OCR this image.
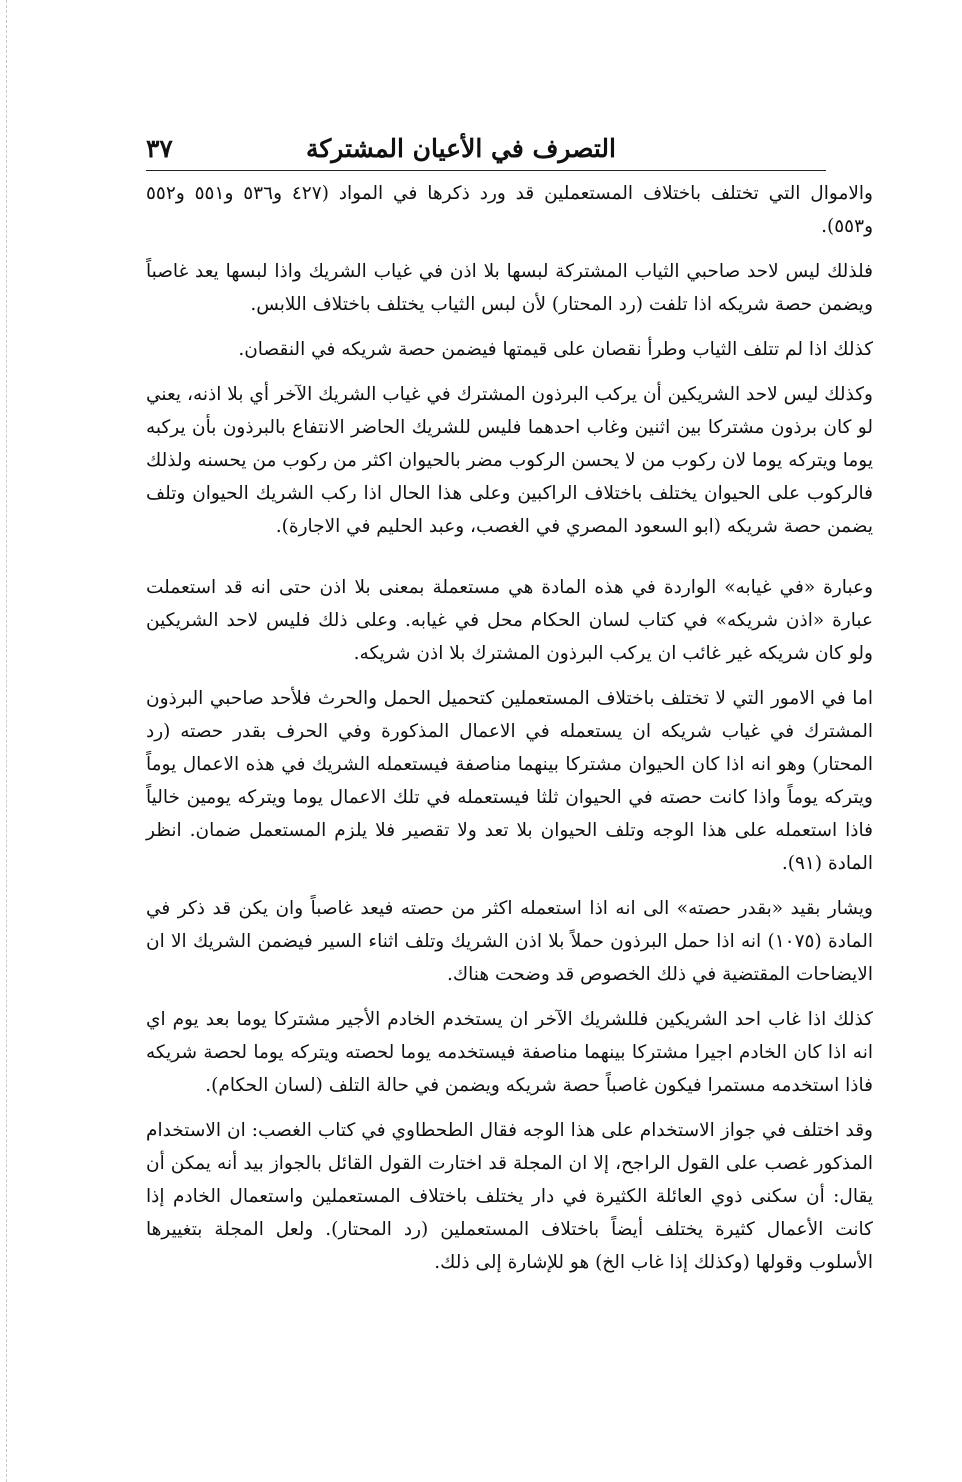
التصرف في الأعيان المشتركة
٣٧

والاموال التي تختلف باختلاف المستعملين قد ورد ذكرها في المواد (٤٢٧ و٥٣٦ و٥٥١ و٥٥٢ و٥٥٣).

فلذلك ليس لاحد صاحبي الثياب المشتركة لبسها بلا اذن في غياب الشريك واذا لبسها يعد غاصباً ويضمن حصة شريكه اذا تلفت (رد المحتار) لأن لبس الثياب يختلف باختلاف اللابس.

كذلك اذا لم تتلف الثياب وطرأ نقصان على قيمتها فيضمن حصة شريكه في النقصان.

وكذلك ليس لاحد الشريكين أن يركب البرذون المشترك في غياب الشريك الآخر أي بلا اذنه، يعني لو كان برذون مشتركا بين اثنين وغاب احدهما فليس للشريك الحاضر الانتفاع بالبرذون بأن يركبه يوما ويتركه يوما لان ركوب من لا يحسن الركوب مضر بالحيوان اكثر من ركوب من يحسنه ولذلك فالركوب على الحيوان يختلف باختلاف الراكبين وعلى هذا الحال اذا ركب الشريك الحيوان وتلف يضمن حصة شريكه (ابو السعود المصري في الغصب، وعبد الحليم في الاجارة).

وعبارة «في غيابه» الواردة في هذه المادة هي مستعملة بمعنى بلا اذن حتى انه قد استعملت عبارة «اذن شريكه» في كتاب لسان الحكام محل في غيابه. وعلى ذلك فليس لاحد الشريكين ولو كان شريكه غير غائب ان يركب البرذون المشترك بلا اذن شريكه.

اما في الامور التي لا تختلف باختلاف المستعملين كتحميل الحمل والحرث فلأحد صاحبي البرذون المشترك في غياب شريكه ان يستعمله في الاعمال المذكورة وفي الحرف بقدر حصته (رد المحتار) وهو انه اذا كان الحيوان مشتركا بينهما مناصفة فيستعمله الشريك في هذه الاعمال يوماً ويتركه يوماً واذا كانت حصته في الحيوان ثلثا فيستعمله في تلك الاعمال يوما ويتركه يومين خالياً فاذا استعمله على هذا الوجه وتلف الحيوان بلا تعد ولا تقصير فلا يلزم المستعمل ضمان. انظر المادة (٩١).

ويشار بقيد «بقدر حصته» الى انه اذا استعمله اكثر من حصته فيعد غاصباً وان يكن قد ذكر في المادة (١٠٧٥) انه اذا حمل البرذون حملاً بلا اذن الشريك وتلف اثناء السير فيضمن الشريك الا ان الايضاحات المقتضية في ذلك الخصوص قد وضحت هناك.

كذلك اذا غاب احد الشريكين فللشريك الآخر ان يستخدم الخادم الأجير مشتركا يوما بعد يوم اي انه اذا كان الخادم اجيرا مشتركا بينهما مناصفة فيستخدمه يوما لحصته ويتركه يوما لحصة شريكه فاذا استخدمه مستمرا فيكون غاصباً حصة شريكه ويضمن في حالة التلف (لسان الحكام).

وقد اختلف في جواز الاستخدام على هذا الوجه فقال الطحطاوي في كتاب الغصب: ان الاستخدام المذكور غصب على القول الراجح، إلا ان المجلة قد اختارت القول القائل بالجواز بيد أنه يمكن أن يقال: أن سكنى ذوي العائلة الكثيرة في دار يختلف باختلاف المستعملين واستعمال الخادم إذا كانت الأعمال كثيرة يختلف أيضاً باختلاف المستعملين (رد المحتار). ولعل المجلة بتغييرها الأسلوب وقولها (وكذلك إذا غاب الخ) هو للإشارة إلى ذلك.
